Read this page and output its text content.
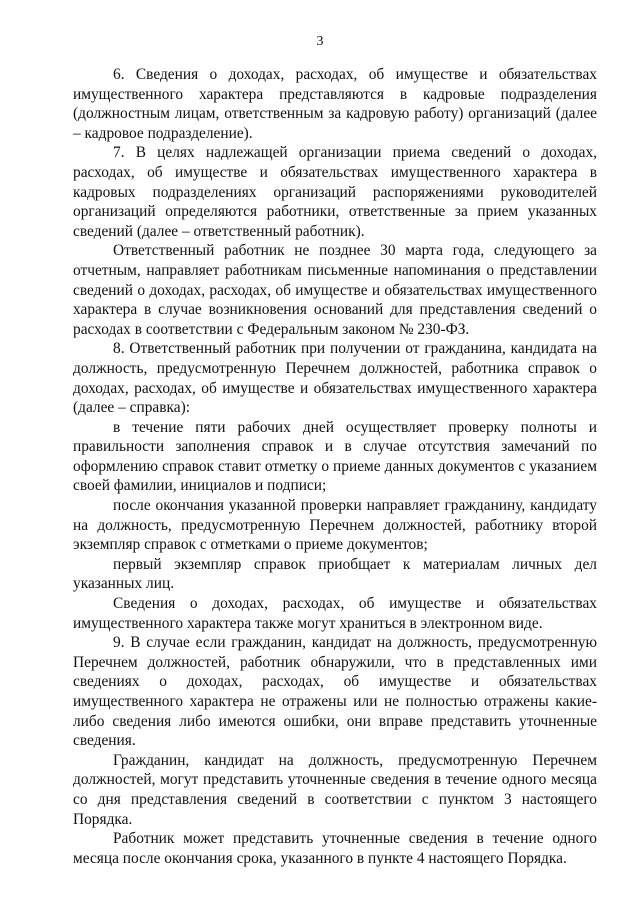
3

6. Сведения о доходах, расходах, об имуществе и обязательствах имущественного характера представляются в кадровые подразделения (должностным лицам, ответственным за кадровую работу) организаций (далее – кадровое подразделение).

7. В целях надлежащей организации приема сведений о доходах, расходах, об имуществе и обязательствах имущественного характера в кадровых подразделениях организаций распоряжениями руководителей организаций определяются работники, ответственные за прием указанных сведений (далее – ответственный работник).

Ответственный работник не позднее 30 марта года, следующего за отчетным, направляет работникам письменные напоминания о представлении сведений о доходах, расходах, об имуществе и обязательствах имущественного характера в случае возникновения оснований для представления сведений о расходах в соответствии с Федеральным законом № 230-ФЗ.

8. Ответственный работник при получении от гражданина, кандидата на должность, предусмотренную Перечнем должностей, работника справок о доходах, расходах, об имуществе и обязательствах имущественного характера (далее – справка):

в течение пяти рабочих дней осуществляет проверку полноты и правильности заполнения справок и в случае отсутствия замечаний по оформлению справок ставит отметку о приеме данных документов с указанием своей фамилии, инициалов и подписи;

после окончания указанной проверки направляет гражданину, кандидату на должность, предусмотренную Перечнем должностей, работнику второй экземпляр справок с отметками о приеме документов;

первый экземпляр справок приобщает к материалам личных дел указанных лиц.

Сведения о доходах, расходах, об имуществе и обязательствах имущественного характера также могут храниться в электронном виде.

9. В случае если гражданин, кандидат на должность, предусмотренную Перечнем должностей, работник обнаружили, что в представленных ими сведениях о доходах, расходах, об имуществе и обязательствах имущественного характера не отражены или не полностью отражены какие-либо сведения либо имеются ошибки, они вправе представить уточненные сведения.

Гражданин, кандидат на должность, предусмотренную Перечнем должностей, могут представить уточненные сведения в течение одного месяца со дня представления сведений в соответствии с пунктом 3 настоящего Порядка.

Работник может представить уточненные сведения в течение одного месяца после окончания срока, указанного в пункте 4 настоящего Порядка.
